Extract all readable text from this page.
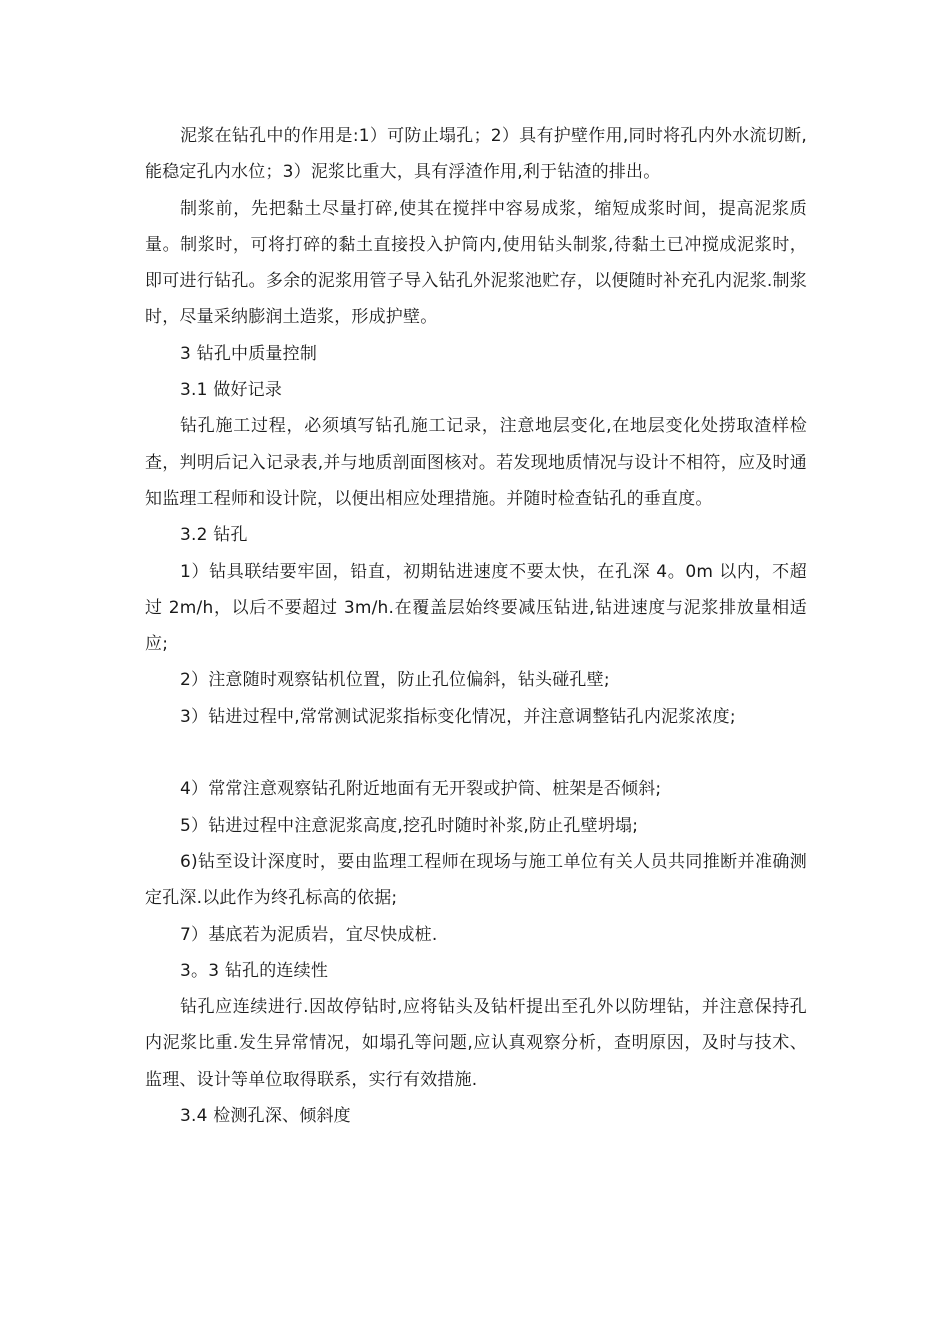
泥浆在钻孔中的作用是:1）可防止塌孔；2）具有护壁作用,同时将孔内外水流切断,能稳定孔内水位；3）泥浆比重大，具有浮渣作用,利于钻渣的排出。

制浆前，先把黏土尽量打碎,使其在搅拌中容易成浆，缩短成浆时间，提高泥浆质量。制浆时，可将打碎的黏土直接投入护筒内,使用钻头制浆,待黏土已冲搅成泥浆时，即可进行钻孔。多余的泥浆用管子导入钻孔外泥浆池贮存，以便随时补充孔内泥浆.制浆时，尽量采纳膨润土造浆，形成护壁。

3 钻孔中质量控制

3.1 做好记录

钻孔施工过程，必须填写钻孔施工记录，注意地层变化,在地层变化处捞取渣样检查，判明后记入记录表,并与地质剖面图核对。若发现地质情况与设计不相符，应及时通知监理工程师和设计院，以便出相应处理措施。并随时检查钻孔的垂直度。

3.2 钻孔

1）钻具联结要牢固，铅直，初期钻进速度不要太快，在孔深 4。0m 以内，不超过 2m/h，以后不要超过 3m/h.在覆盖层始终要减压钻进,钻进速度与泥浆排放量相适应;

2）注意随时观察钻机位置，防止孔位偏斜，钻头碰孔壁;

3）钻进过程中,常常测试泥浆指标变化情况，并注意调整钻孔内泥浆浓度;

4）常常注意观察钻孔附近地面有无开裂或护筒、桩架是否倾斜;

5）钻进过程中注意泥浆高度,挖孔时随时补浆,防止孔壁坍塌;

6)钻至设计深度时，要由监理工程师在现场与施工单位有关人员共同推断并准确测定孔深.以此作为终孔标高的依据;

7）基底若为泥质岩，宜尽快成桩.

3。3 钻孔的连续性

钻孔应连续进行.因故停钻时,应将钻头及钻杆提出至孔外以防埋钻，并注意保持孔内泥浆比重.发生异常情况，如塌孔等问题,应认真观察分析，查明原因，及时与技术、监理、设计等单位取得联系，实行有效措施.

3.4 检测孔深、倾斜度
